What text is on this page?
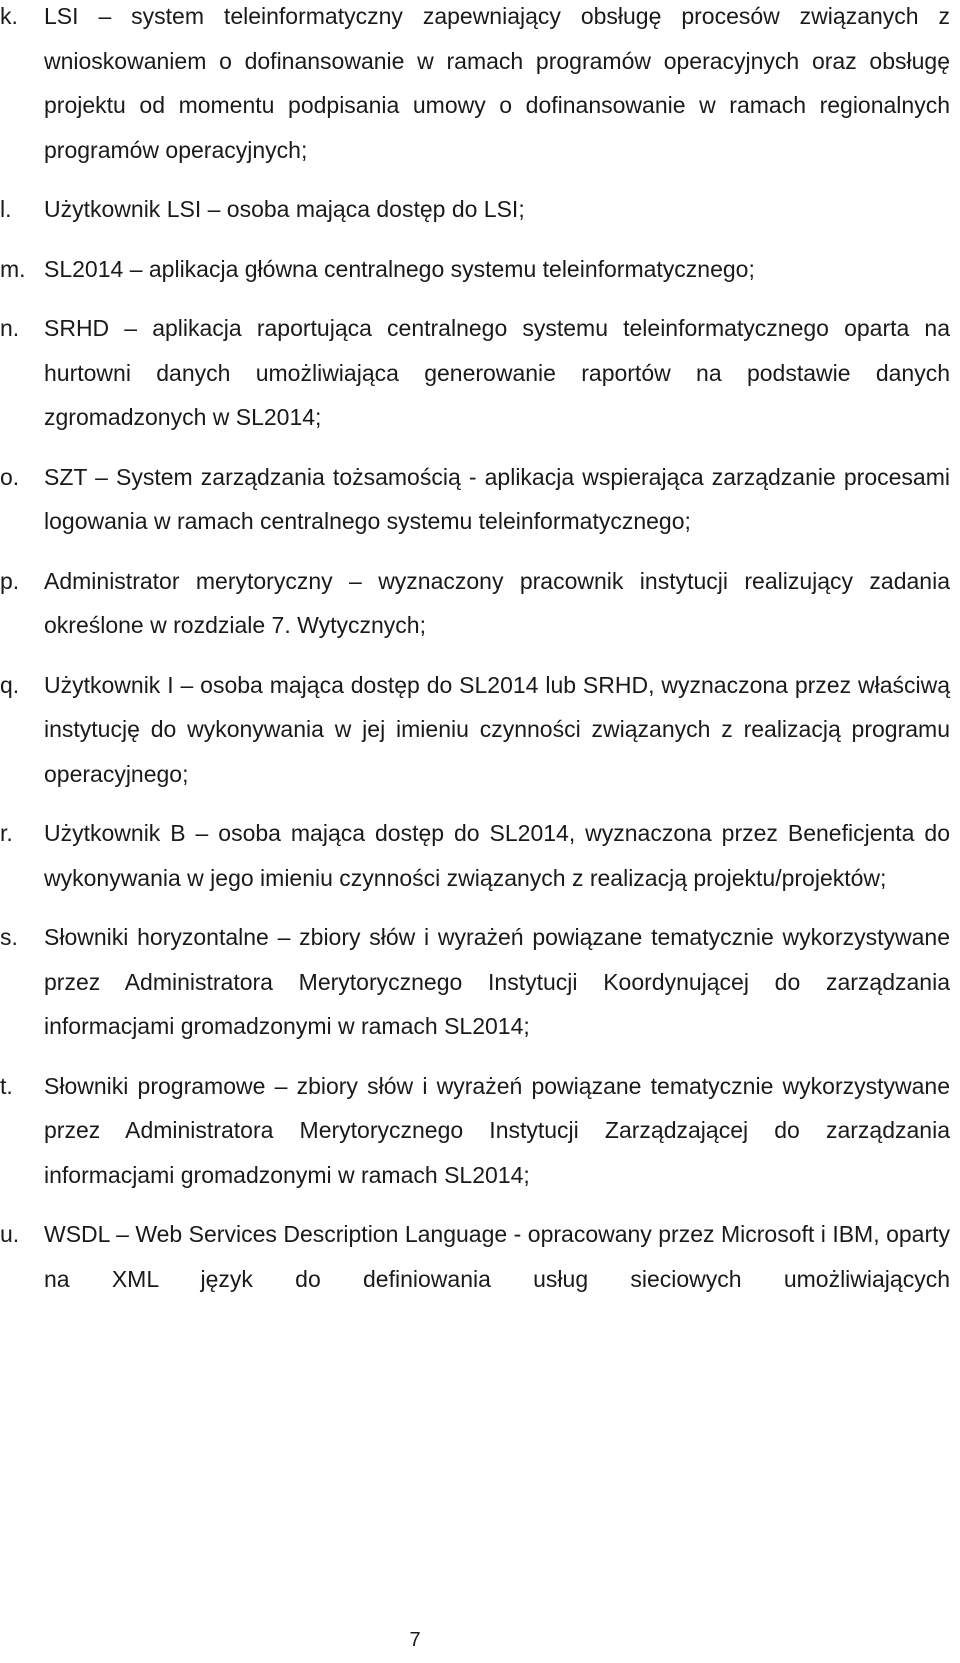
k.	LSI – system teleinformatyczny zapewniający obsługę procesów związanych z wnioskowaniem o dofinansowanie w ramach programów operacyjnych oraz obsługę projektu od momentu podpisania umowy o dofinansowanie w ramach regionalnych programów operacyjnych;
l.	Użytkownik LSI – osoba mająca dostęp do LSI;
m. SL2014 – aplikacja główna centralnego systemu teleinformatycznego;
n.	SRHD – aplikacja raportująca centralnego systemu teleinformatycznego oparta na hurtowni danych umożliwiająca generowanie raportów na podstawie danych zgromadzonych w SL2014;
o.	SZT – System zarządzania tożsamością - aplikacja wspierająca zarządzanie procesami logowania w ramach centralnego systemu teleinformatycznego;
p.	Administrator merytoryczny – wyznaczony pracownik instytucji realizujący zadania określone w rozdziale 7. Wytycznych;
q.	Użytkownik I – osoba mająca dostęp do SL2014 lub SRHD, wyznaczona przez właściwą instytucję do wykonywania w jej imieniu czynności związanych z realizacją programu operacyjnego;
r.	Użytkownik B – osoba mająca dostęp do SL2014, wyznaczona przez Beneficjenta do wykonywania w jego imieniu czynności związanych z realizacją projektu/projektów;
s.	Słowniki horyzontalne – zbiory słów i wyrażeń powiązane tematycznie wykorzystywane przez Administratora Merytorycznego Instytucji Koordynującej do zarządzania informacjami gromadzonymi w ramach SL2014;
t.	Słowniki programowe – zbiory słów i wyrażeń powiązane tematycznie wykorzystywane przez Administratora Merytorycznego Instytucji Zarządzającej do zarządzania informacjami gromadzonymi w ramach SL2014;
u.	WSDL – Web Services Description Language - opracowany przez Microsoft i IBM, oparty na XML język do definiowania usług sieciowych umożliwiających
7
